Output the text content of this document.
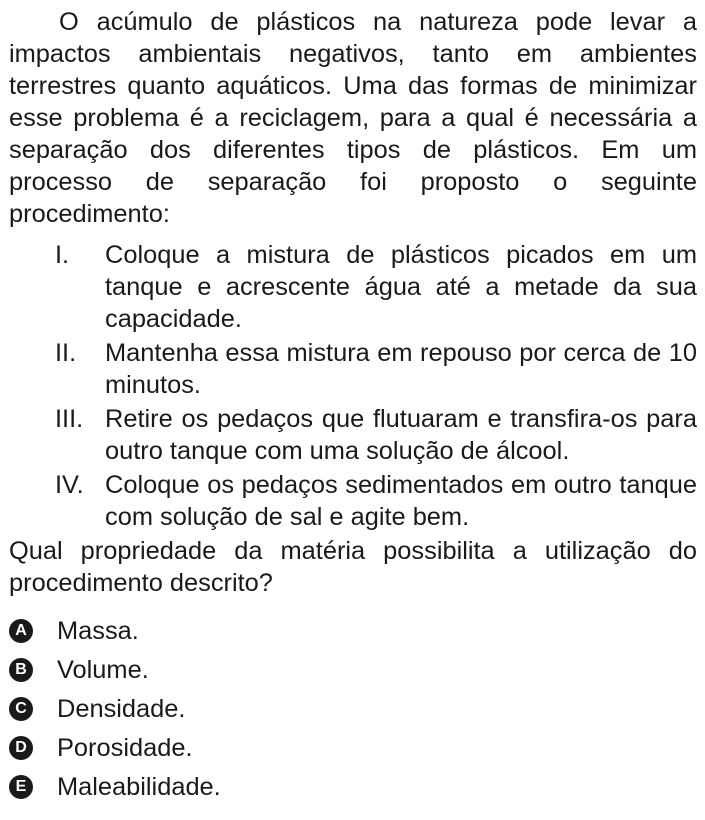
O acúmulo de plásticos na natureza pode levar a impactos ambientais negativos, tanto em ambientes terrestres quanto aquáticos. Uma das formas de minimizar esse problema é a reciclagem, para a qual é necessária a separação dos diferentes tipos de plásticos. Em um processo de separação foi proposto o seguinte procedimento:

I.	Coloque a mistura de plásticos picados em um tanque e acrescente água até a metade da sua capacidade.
II.	Mantenha essa mistura em repouso por cerca de 10 minutos.
III. Retire os pedaços que flutuaram e transfira-os para outro tanque com uma solução de álcool.
IV. Coloque os pedaços sedimentados em outro tanque com solução de sal e agite bem.

Qual propriedade da matéria possibilita a utilização do procedimento descrito?

A Massa.
B Volume.
C Densidade.
D Porosidade.
E Maleabilidade.
